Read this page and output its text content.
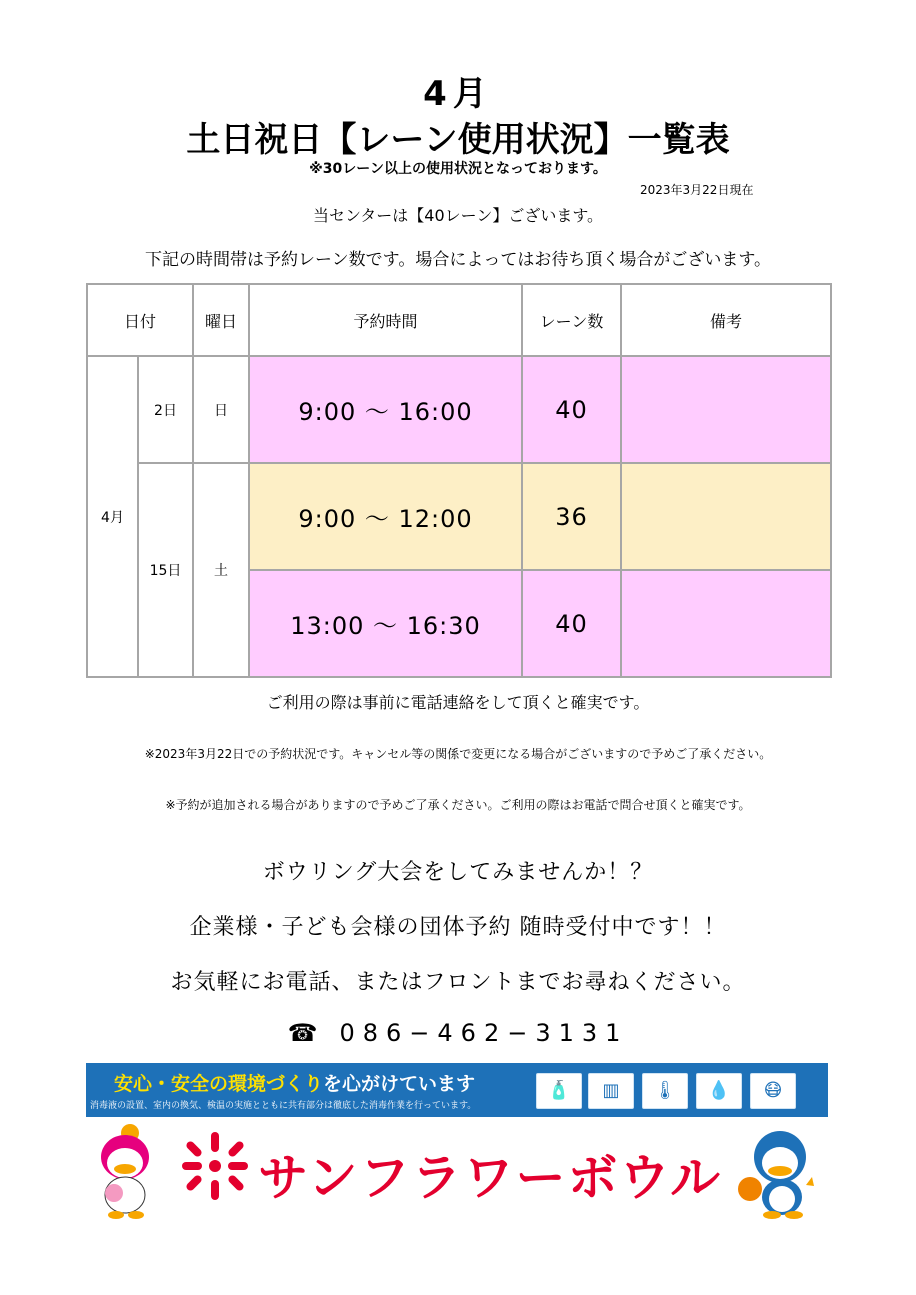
4月
土日祝日【レーン使用状況】一覧表
※30レーン以上の使用状況となっております。
2023年3月22日現在
当センターは【40レーン】ございます。
下記の時間帯は予約レーン数です。場合によってはお待ち頂く場合がございます。
日付		曜日	予約時間	レーン数	備考
4月	2日	日	9:00 ～ 16:00	40	
	15日	土	9:00 ～ 12:00	36	
			13:00 ～ 16:30	40	
ご利用の際は事前に電話連絡をして頂くと確実です。
※2023年3月22日での予約状況です。キャンセル等の関係で変更になる場合がございますので予めご了承ください。
※予約が追加される場合がありますので予めご了承ください。ご利用の際はお電話で問合せ頂くと確実です。
ボウリング大会をしてみませんか！？
企業様・子ども会様の団体予約 随時受付中です！！
お気軽にお電話、またはフロントまでお尋ねください。
☎ 086−462−3131
安心・安全の環境づくりを心がけています
消毒液の設置、室内の換気、検温の実施とともに共有部分は徹底した消毒作業を行っています。
🧴	▥	🌡	💧	😷
サンフラワーボウル
